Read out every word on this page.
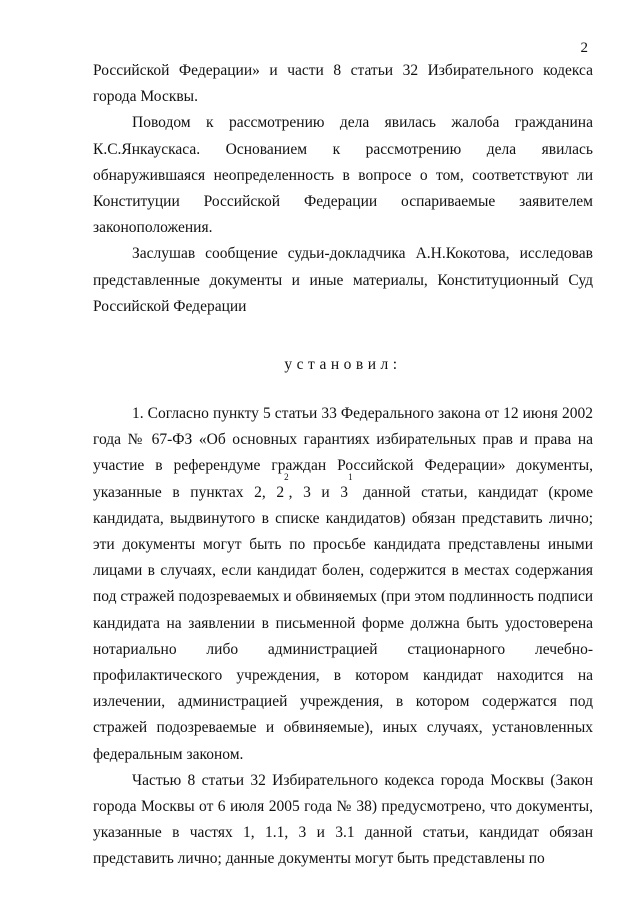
2

Российской Федерации» и части 8 статьи 32 Избирательного кодекса города Москвы.

Поводом к рассмотрению дела явилась жалоба гражданина К.С.Янкаускаса. Основанием к рассмотрению дела явилась обнаружившаяся неопределенность в вопросе о том, соответствуют ли Конституции Российской Федерации оспариваемые заявителем законоположения.

Заслушав сообщение судьи-докладчика А.Н.Кокотова, исследовав представленные документы и иные материалы, Конституционный Суд Российской Федерации

установил:

1. Согласно пункту 5 статьи 33 Федерального закона от 12 июня 2002 года № 67-ФЗ «Об основных гарантиях избирательных прав и права на участие в референдуме граждан Российской Федерации» документы, указанные в пунктах 2, $2^2$, 3 и $3^1$ данной статьи, кандидат (кроме кандидата, выдвинутого в списке кандидатов) обязан представить лично; эти документы могут быть по просьбе кандидата представлены иными лицами в случаях, если кандидат болен, содержится в местах содержания под стражей подозреваемых и обвиняемых (при этом подлинность подписи кандидата на заявлении в письменной форме должна быть удостоверена нотариально либо администрацией стационарного лечебно-профилактического учреждения, в котором кандидат находится на излечении, администрацией учреждения, в котором содержатся под стражей подозреваемые и обвиняемые), иных случаях, установленных федеральным законом.

Частью 8 статьи 32 Избирательного кодекса города Москвы (Закон города Москвы от 6 июля 2005 года № 38) предусмотрено, что документы, указанные в частях 1, 1.1, 3 и 3.1 данной статьи, кандидат обязан представить лично; данные документы могут быть представлены по
